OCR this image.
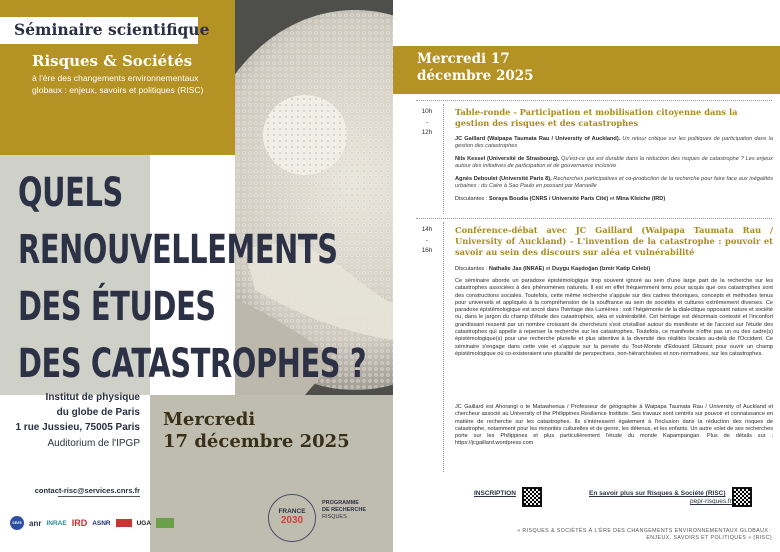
Séminaire scientifique
Risques & Sociétés
à l'ère des changements environnementaux globaux : enjeux, savoirs et politiques (RISC)
QUELS
RENOUVELLEMENTS
DES ÉTUDES
DES CATASTROPHES ?
Institut de physique
du globe de Paris
1 rue Jussieu, 75005 Paris
Auditorium de l'IPGP
contact-risc@services.cnrs.fr
Mercredi
17 décembre 2025
cnrs anr INRAE IRD ASNR	UGA
FRANCE
2030
PROGRAMME
DE RECHERCHE
RISQUES
Mercredi 17
décembre 2025
10h
-
12h
Table-ronde - Participation et mobilisation citoyenne dans la gestion des risques et des catastrophes
JC Gaillard (Waipapa Taumata Rau / University of Auckland). Un retour critique sur les politiques de participation dans la gestion des catastrophes
Nils Kessel (Université de Strasbourg). Qu'est-ce qui est durable dans la réduction des risques de catastrophe ? Les enjeux autour des initiatives de participation et de gouvernance inclusive
Agnès Deboulet (Université Paris 8), Recherches participatives et co-production de la recherche pour faire face aux inégalités urbaines : du Caire à Sao Paulo en passant par Marseille
Discutantes : Soraya Boudia (CNRS / Université Paris Cité) et Mina Kleiche (IRD)
14h
-
16h
Conférence-débat avec JC Gaillard (Waipapa Taumata Rau / University of Auckland) - L'invention de la catastrophe : pouvoir et savoir au sein des discours sur aléa et vulnérabilité
Discutantes : Nathalie Jas (INRAE) et Duygu Kaşdoğan (Izmir Katip Celebi)
Ce séminaire aborde un paradoxe épistémologique trop souvent ignoré au sein d'une large part de la recherche sur les catastrophes associées à des phénomènes naturels. Il est en effet fréquemment tenu pour acquis que ces catastrophes sont des constructions sociales. Toutefois, cette même recherche s'appuie sur des cadres théoriques, concepts et méthodes tenus pour universels et appliqués à la compréhension de la souffrance au sein de sociétés et cultures extrêmement diverses. Ce paradoxe épistémologique est ancré dans l'héritage des Lumières : soit l'hégémonie de la dialectique opposant nature et société ou, dans le jargon du champ d'étude des catastrophes, aléa et vulnérabilité. Cet héritage est désormais contesté et l'inconfort grandissant ressenti par un nombre croissant de chercheurs s'est cristallisé autour du manifeste et de l'accord sur l'étude des catastrophes qui appelle à repenser la recherche sur les catastrophes. Toutefois, ce manifeste n'offre pas un ou des cadre(s) épistémologique(s) pour une recherche plurielle et plus attentive à la diversité des réalités locales au-delà de l'Occident. Ce séminaire s'engage dans cette voie et s'appuie sur la pensée du Tout-Monde d'Edouard Glissant pour ouvrir un champ épistémologique où co-existeraient une pluralité de perspectives, non-hiérarchisées et non-normatives, sur les catastrophes.
JC Gaillard est Ahorangi o te Matawhenua / Professeur de géographie à Waipapa Taumata Rau / University of Auckland et chercheur associé au University of the Philippines Resilience Institute. Ses travaux sont centrés sur pouvoir et connaissance en matière de recherche sur les catastrophes. Ils s'intéressent également à l'inclusion dans la réduction des risques de catastrophe, notamment pour les minorités culturelles et de genre, les détenus, et les enfants. Un autre volet de ses recherches porte sur les Philippines et plus particulièrement l'étude du monde Kapampangan. Plus de détails sur : https://jcgaillard.wordpress.com
INSCRIPTION	En savoir plus sur Risques & Société (RISC)
pepr-risques.fr
« RISQUES & SOCIÉTÉS À L'ÈRE DES CHANGEMENTS ENVIRONNEMENTAUX GLOBAUX :
ENJEUX, SAVOIRS ET POLITIQUES » (RISC)
